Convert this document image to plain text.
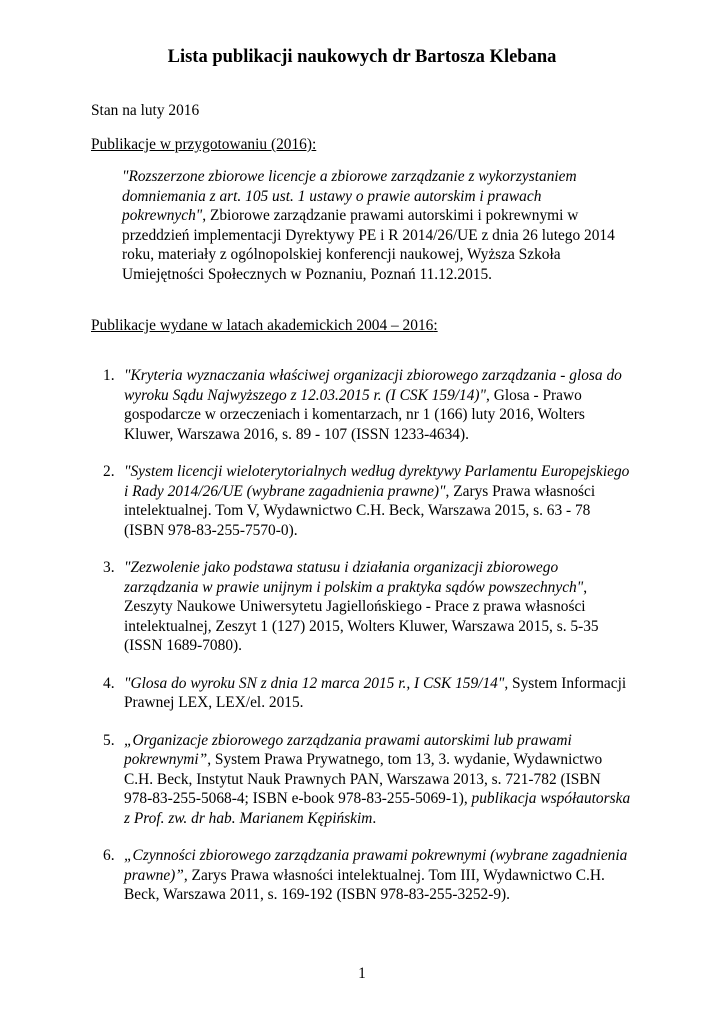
Lista publikacji naukowych dr Bartosza Klebana
Stan na luty 2016
Publikacje w przygotowaniu (2016):
"Rozszerzone zbiorowe licencje a zbiorowe zarządzanie z wykorzystaniem domniemania z art. 105 ust. 1 ustawy o prawie autorskim i prawach pokrewnych", Zbiorowe zarządzanie prawami autorskimi i pokrewnymi w przeddzień implementacji Dyrektywy PE i R 2014/26/UE z dnia 26 lutego 2014 roku, materiały z ogólnopolskiej konferencji naukowej, Wyższa Szkoła Umiejętności Społecznych w Poznaniu, Poznań 11.12.2015.
Publikacje wydane w latach akademickich 2004 – 2016:
1. "Kryteria wyznaczania właściwej organizacji zbiorowego zarządzania - glosa do wyroku Sądu Najwyższego z 12.03.2015 r. (I CSK 159/14)", Glosa - Prawo gospodarcze w orzeczeniach i komentarzach, nr 1 (166) luty 2016, Wolters Kluwer, Warszawa 2016, s. 89 - 107 (ISSN 1233-4634).
2. "System licencji wieloterytorialnych według dyrektywy Parlamentu Europejskiego i Rady 2014/26/UE (wybrane zagadnienia prawne)", Zarys Prawa własności intelektualnej. Tom V, Wydawnictwo C.H. Beck, Warszawa 2015, s. 63 - 78 (ISBN 978-83-255-7570-0).
3. "Zezwolenie jako podstawa statusu i działania organizacji zbiorowego zarządzania w prawie unijnym i polskim a praktyka sądów powszechnych", Zeszyty Naukowe Uniwersytetu Jagiellońskiego - Prace z prawa własności intelektualnej, Zeszyt 1 (127) 2015, Wolters Kluwer, Warszawa 2015, s. 5-35 (ISSN 1689-7080).
4. "Glosa do wyroku SN z dnia 12 marca 2015 r., I CSK 159/14", System Informacji Prawnej LEX, LEX/el. 2015.
5. „Organizacje zbiorowego zarządzania prawami autorskimi lub prawami pokrewnymi”, System Prawa Prywatnego, tom 13, 3. wydanie, Wydawnictwo C.H. Beck, Instytut Nauk Prawnych PAN, Warszawa 2013, s. 721-782 (ISBN 978-83-255-5068-4; ISBN e-book 978-83-255-5069-1), publikacja współautorska z Prof. zw. dr hab. Marianem Kępińskim.
6. „Czynności zbiorowego zarządzania prawami pokrewnymi (wybrane zagadnienia prawne)”, Zarys Prawa własności intelektualnej. Tom III, Wydawnictwo C.H. Beck, Warszawa 2011, s. 169-192 (ISBN 978-83-255-3252-9).
1
